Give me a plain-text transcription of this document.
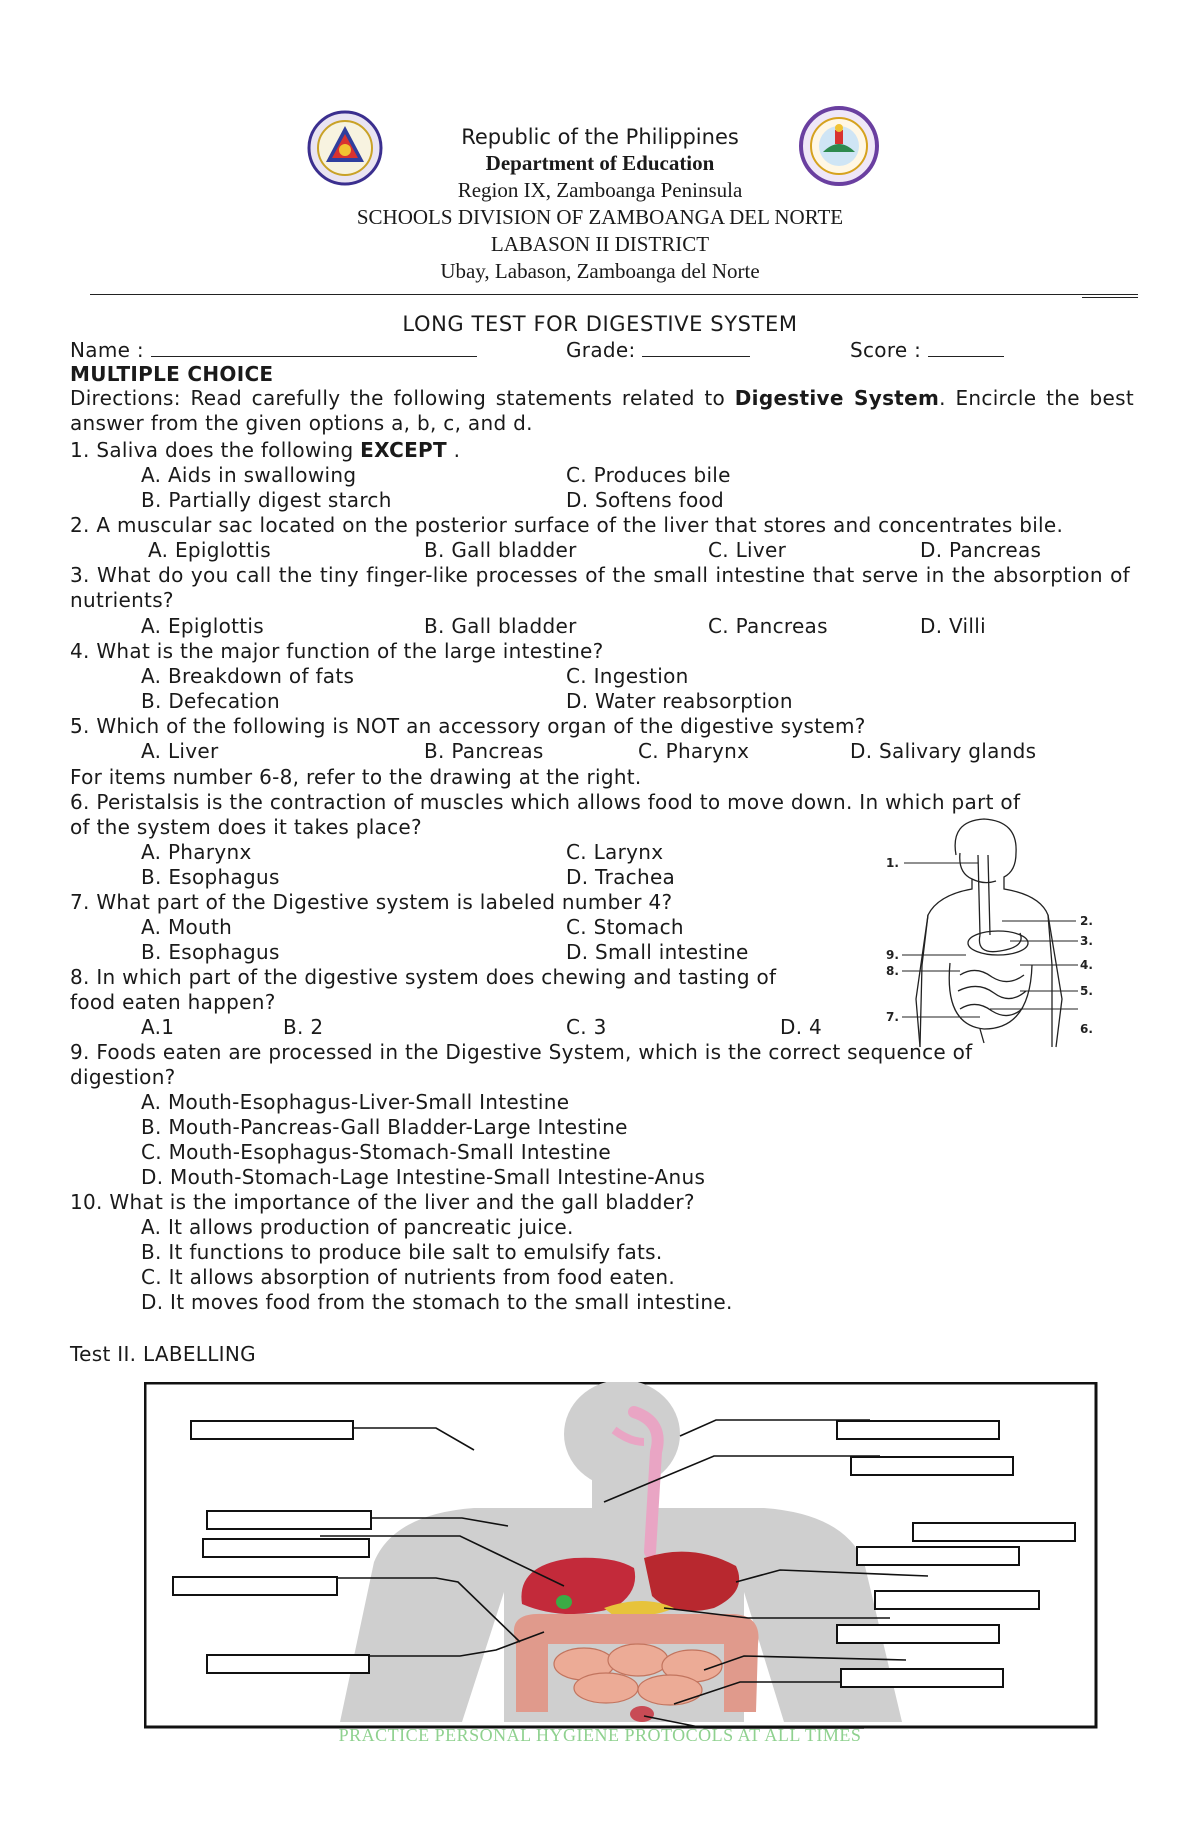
Republic of the Philippines
Department of Education
Region IX, Zamboanga Peninsula
SCHOOLS DIVISION OF ZAMBOANGA DEL NORTE
LABASON II DISTRICT
Ubay, Labason, Zamboanga del Norte
LONG TEST FOR DIGESTIVE SYSTEM
Name :	Grade:	Score :
MULTIPLE CHOICE
Directions: Read carefully the following statements related to Digestive System. Encircle the best answer from the given options a, b, c, and d.
1. Saliva does the following EXCEPT .
A. Aids in swallowing	C. Produces bile
B. Partially digest starch	D. Softens food
2. A muscular sac located on the posterior surface of the liver that stores and concentrates bile.
A. Epiglottis	B. Gall bladder	C. Liver	D. Pancreas
3. What do you call the tiny finger-like processes of the small intestine that serve in the absorption of nutrients?
A. Epiglottis	B. Gall bladder	C. Pancreas	D. Villi
4. What is the major function of the large intestine?
A. Breakdown of fats	C. Ingestion
B. Defecation	D. Water reabsorption
5. Which of the following is NOT an accessory organ of the digestive system?
A. Liver	B. Pancreas	C. Pharynx	D. Salivary glands
For items number 6-8, refer to the drawing at the right.
6. Peristalsis is the contraction of muscles which allows food to move down. In which part of
of the system does it takes place?
A. Pharynx	C. Larynx
B. Esophagus	D. Trachea
7. What part of the Digestive system is labeled number 4?
A. Mouth	C. Stomach
B. Esophagus	D. Small intestine
8. In which part of the digestive system does chewing and tasting of
food eaten happen?
A.1	B. 2	C. 3	D. 4
1.
2.
3.
4.
5.
6.
7.
8.
9.
9. Foods eaten are processed in the Digestive System, which is the correct sequence of
digestion?
A. Mouth-Esophagus-Liver-Small Intestine
B. Mouth-Pancreas-Gall Bladder-Large Intestine
C. Mouth-Esophagus-Stomach-Small Intestine
D. Mouth-Stomach-Lage Intestine-Small Intestine-Anus
10. What is the importance of the liver and the gall bladder?
A. It allows production of pancreatic juice.
B. It functions to produce bile salt to emulsify fats.
C. It allows absorption of nutrients from food eaten.
D. It moves food from the stomach to the small intestine.
Test II. LABELLING
PRACTICE PERSONAL HYGIENE PROTOCOLS AT ALL TIMES
